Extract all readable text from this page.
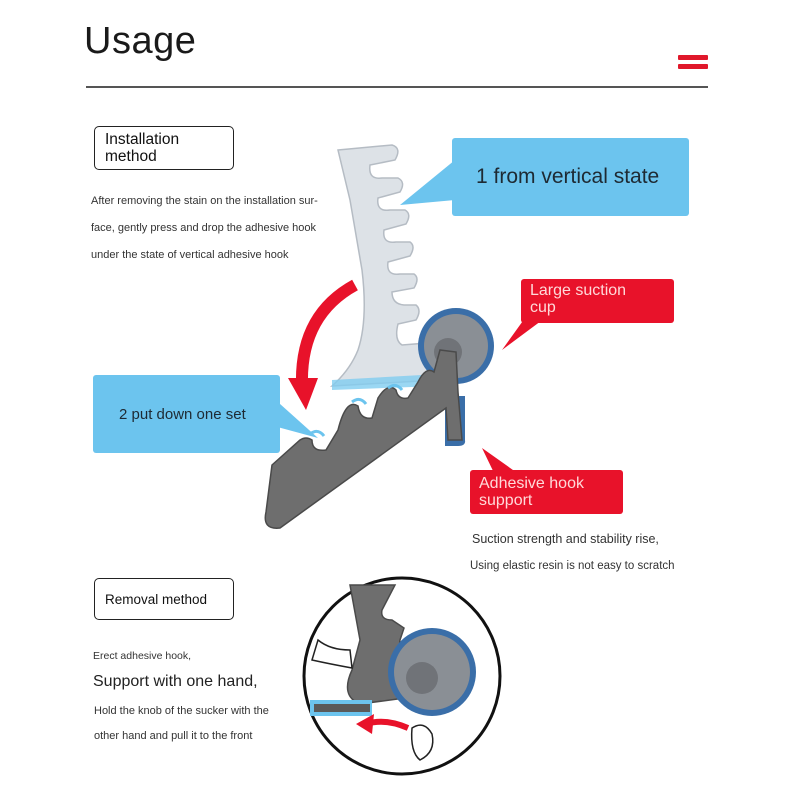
Usage
Installation
method
After removing the stain on the installation sur-
face, gently press and drop the adhesive hook
under the state of vertical adhesive hook
1 from vertical state
2 put down one set
Large suction
cup
Adhesive hook
support
Suction strength and stability rise,
Using elastic resin is not easy to scratch
Removal method
Erect adhesive hook,
Support with one hand,
Hold the knob of the sucker with the
other hand and pull it to the front
